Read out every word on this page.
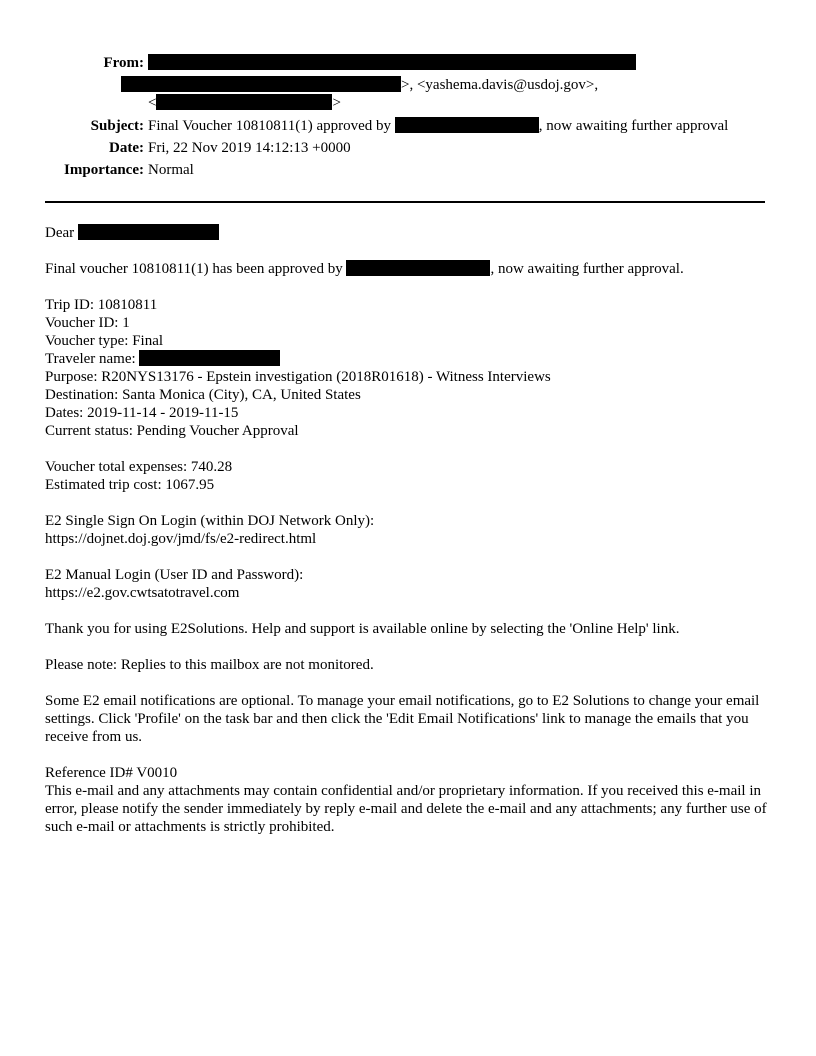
From:
>, <yashema.davis@usdoj.gov>,
<	>
Subject: Final Voucher 10810811(1) approved by	, now awaiting further approval
Date: Fri, 22 Nov 2019 14:12:13 +0000
Importance: Normal
Dear
Final voucher 10810811(1) has been approved by	, now awaiting further approval.
Trip ID: 10810811
Voucher ID: 1
Voucher type: Final
Traveler name:
Purpose: R20NYS13176 - Epstein investigation (2018R01618) - Witness Interviews
Destination: Santa Monica (City), CA, United States
Dates: 2019-11-14 - 2019-11-15
Current status: Pending Voucher Approval
Voucher total expenses: 740.28
Estimated trip cost: 1067.95
E2 Single Sign On Login (within DOJ Network Only):
https://dojnet.doj.gov/jmd/fs/e2-redirect.html
E2 Manual Login (User ID and Password):
https://e2.gov.cwtsatotravel.com
Thank you for using E2Solutions. Help and support is available online by selecting the 'Online Help' link.
Please note: Replies to this mailbox are not monitored.
Some E2 email notifications are optional. To manage your email notifications, go to E2 Solutions to change your email settings. Click 'Profile' on the task bar and then click the 'Edit Email Notifications' link to manage the emails that you receive from us.
Reference ID# V0010
This e-mail and any attachments may contain confidential and/or proprietary information. If you received this e-mail in error, please notify the sender immediately by reply e-mail and delete the e-mail and any attachments; any further use of such e-mail or attachments is strictly prohibited.
